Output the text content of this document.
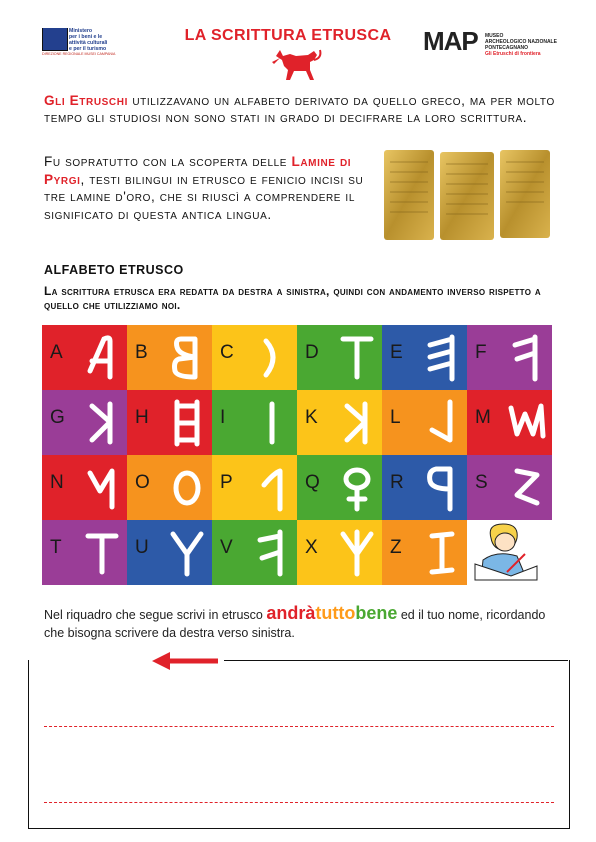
Ministero
per i beni e le
attività culturali
e per il turismo
DIREZIONE REGIONALE MUSEI CAMPANIA
LA SCRITTURA ETRUSCA	MAP MUSEO
ARCHEOLOGICO NAZIONALE
PONTECAGNANO
Gli Etruschi di frontiera
Gli Etruschi utilizzavano un alfabeto derivato da quello greco, ma per molto tempo gli studiosi non sono stati in grado di decifrare la loro scrittura.
Fu sopratutto con la scoperta delle Lamine di Pyrgi, testi bilingui in etrusco e fenicio incisi su tre lamine d'oro, che si riuscì a comprendere il significato di questa antica lingua.
ALFABETO ETRUSCO
La scrittura etrusca era redatta da destra a sinistra, quindi con andamento inverso rispetto a quello che utilizziamo noi.
A	B	C	D	E	F
G	H	I	K	L	M
N	O	P	Q	R	S
T	U	V	X	Z
Nel riquadro che segue scrivi in etrusco andràtuttobene ed il tuo nome, ricordando che bisogna scrivere da destra verso sinistra.
